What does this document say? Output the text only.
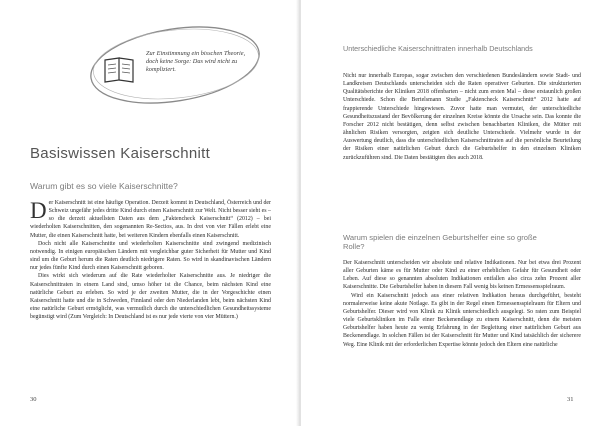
Zur Einstimmung ein bisschen Theorie, doch keine Sorge: Das wird nicht zu kompliziert.
Basiswissen Kaiserschnitt
Warum gibt es so viele Kaiserschnitte?

Der Kaiserschnitt ist eine häufige Operation. Derzeit kommt in Deutschland, Österreich und der Schweiz ungefähr jedes dritte Kind durch einen Kaiserschnitt zur Welt. Nicht besser sieht es – so die derzeit aktuellsten Daten aus dem „Faktencheck Kaiserschnitt“ (2012) – bei wiederholten Kaiserschnitten, den sogenannten Re-Sectios, aus. In drei von vier Fällen erlebt eine Mutter, die einen Kaiserschnitt hatte, bei weiteren Kindern ebenfalls einen Kaiserschnitt.

Doch nicht alle Kaiserschnitte und wiederholten Kaiserschnitte sind zwingend medizinisch notwendig. In einigen europäischen Ländern mit vergleichbar guter Sicherheit für Mutter und Kind sind um die Geburt herum die Raten deutlich niedrigere Raten. So wird in skandinavischen Ländern nur jedes fünfte Kind durch einen Kaiserschnitt geboren.

Dies wirkt sich wiederum auf die Rate wiederholter Kaiserschnitte aus. Je niedriger die Kaiserschnittraten in einem Land sind, umso höher ist die Chance, beim nächsten Kind eine natürliche Geburt zu erleben. So wird je der zweiten Mutter, die in der Vorgeschichte einen Kaiserschnitt hatte und die in Schweden, Finnland oder den Niederlanden lebt, beim nächsten Kind eine natürliche Geburt ermöglicht, was vermutlich durch die unterschiedlichen Gesundheitssysteme begünstigt wird (Zum Vergleich: In Deutschland ist es nur jede vierte von vier Müttern.)

30
Unterschiedliche Kaiserschnittraten innerhalb Deutschlands

Nicht nur innerhalb Europas, sogar zwischen den verschiedenen Bundesländern sowie Stadt- und Landkreisen Deutschlands unterscheiden sich die Raten operativer Geburten. Die strukturierten Qualitätsberichte der Kliniken 2018 offenbarten – nicht zum ersten Mal – diese erstaunlich großen Unterschiede. Schon die Bertelsmann Studie „Faktencheck Kaiserschnitt“ 2012 hatte auf frappierende Unterschiede hingewiesen. Zuvor hatte man vermutet, der unterschiedliche Gesundheitszustand der Bevölkerung der einzelnen Kreise könnte die Ursache sein. Das konnte die Forscher 2012 nicht bestätigen, denn selbst zwischen benachbarten Kliniken, die Mütter mit ähnlichen Risiken versorgten, zeigten sich deutliche Unterschiede. Vielmehr wurde in der Auswertung deutlich, dass die unterschiedlichen Kaiserschnittraten auf die persönliche Beurteilung der Risiken einer natürlichen Geburt durch die Geburtshelfer in den einzelnen Kliniken zurückzuführen sind. Die Daten bestätigten dies auch 2018.

Warum spielen die einzelnen Geburtshelfer eine so große Rolle?

Der Kaiserschnitt unterscheiden wir absolute und relative Indikationen. Nur bei etwa drei Prozent aller Geburten käme es für Mutter oder Kind zu einer erheblichen Gefahr für Gesundheit oder Leben. Auf diese so genannten absoluten Indikationen entfallen also circa zehn Prozent aller Kaiserschnitte. Die Geburtshelfer haben in diesem Fall wenig bis keinen Ermessensspielraum.

Wird ein Kaiserschnitt jedoch aus einer relativen Indikation heraus durchgeführt, besteht normalerweise keine akute Notlage. Es gibt in der Regel einen Ermessensspielraum für Eltern und Geburtshelfer. Dieser wird von Klinik zu Klinik unterschiedlich ausgelegt. So raten zum Beispiel viele Geburtskliniken im Falle einer Beckenendlage zu einem Kaiserschnitt, denn die meisten Geburtshelfer haben heute zu wenig Erfahrung in der Begleitung einer natürlichen Geburt aus Beckenendlage. In solchen Fällen ist der Kaiserschnitt für Mutter und Kind tatsächlich der sicherere Weg. Eine Klinik mit der erforderlichen Expertise könnte jedoch den Eltern eine natürliche

31
